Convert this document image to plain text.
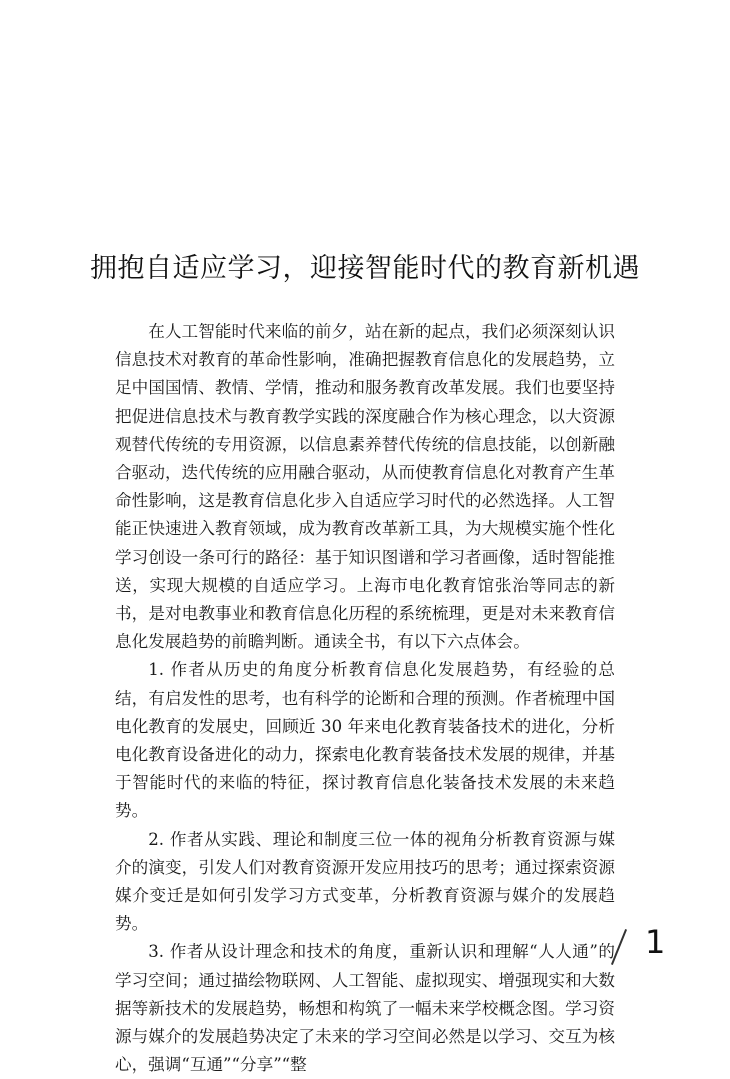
拥抱自适应学习，迎接智能时代的教育新机遇

在人工智能时代来临的前夕，站在新的起点，我们必须深刻认识信息技术对教育的革命性影响，准确把握教育信息化的发展趋势，立足中国国情、教情、学情，推动和服务教育改革发展。我们也要坚持把促进信息技术与教育教学实践的深度融合作为核心理念，以大资源观替代传统的专用资源，以信息素养替代传统的信息技能，以创新融合驱动，迭代传统的应用融合驱动，从而使教育信息化对教育产生革命性影响，这是教育信息化步入自适应学习时代的必然选择。人工智能正快速进入教育领域，成为教育改革新工具，为大规模实施个性化学习创设一条可行的路径：基于知识图谱和学习者画像，适时智能推送，实现大规模的自适应学习。上海市电化教育馆张治等同志的新书，是对电教事业和教育信息化历程的系统梳理，更是对未来教育信息化发展趋势的前瞻判断。通读全书，有以下六点体会。

1. 作者从历史的角度分析教育信息化发展趋势，有经验的总结，有启发性的思考，也有科学的论断和合理的预测。作者梳理中国电化教育的发展史，回顾近 30 年来电化教育装备技术的进化，分析电化教育设备进化的动力，探索电化教育装备技术发展的规律，并基于智能时代的来临的特征，探讨教育信息化装备技术发展的未来趋势。

2. 作者从实践、理论和制度三位一体的视角分析教育资源与媒介的演变，引发人们对教育资源开发应用技巧的思考；通过探索资源媒介变迁是如何引发学习方式变革，分析教育资源与媒介的发展趋势。

3. 作者从设计理念和技术的角度，重新认识和理解“人人通”的学习空间；通过描绘物联网、人工智能、虚拟现实、增强现实和大数据等新技术的发展趋势，畅想和构筑了一幅未来学校概念图。学习资源与媒介的发展趋势决定了未来的学习空间必然是以学习、交互为核心，强调“互通”“分享”“整

1
